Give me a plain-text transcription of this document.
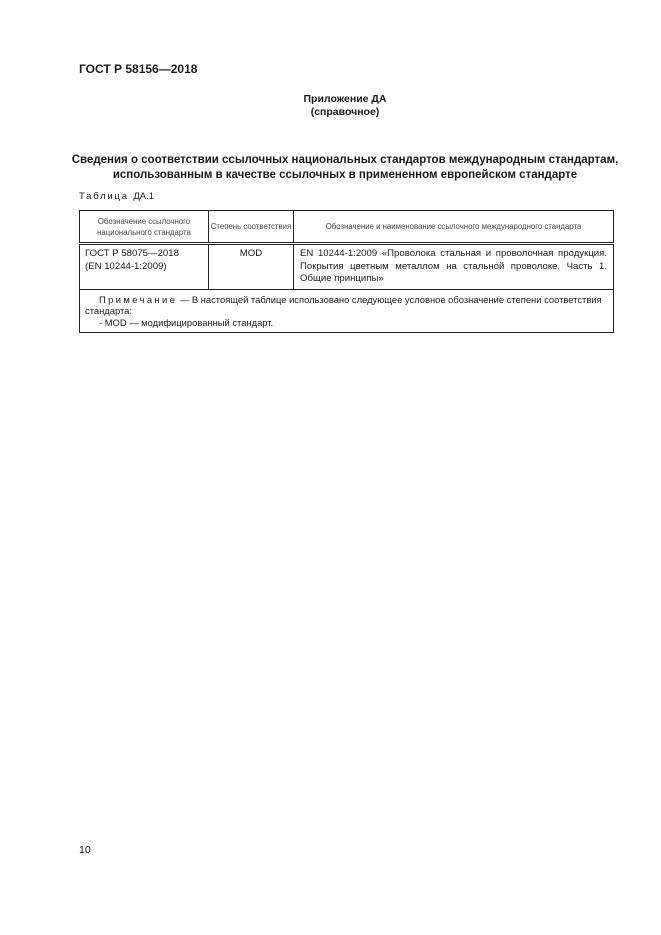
ГОСТ Р 58156—2018
Приложение ДА
(справочное)
Сведения о соответствии ссылочных национальных стандартов международным стандартам,
использованным в качестве ссылочных в примененном европейском стандарте
Таблица ДА.1
Обозначение ссылочного национального стандарта	Степень соответствия	Обозначение и наименование ссылочного международного стандарта

ГОСТ Р 58075—2018
(EN 10244-1:2009)	MOD	EN 10244-1:2009 «Проволока стальная и проволочная продукция. Покрытия цветным металлом на стальной проволоке. Часть 1. Общие принципы»
Примечание — В настоящей таблице использовано следующее условное обозначение степени соответствия стандарта:
- MOD — модифицированный стандарт.		
10
